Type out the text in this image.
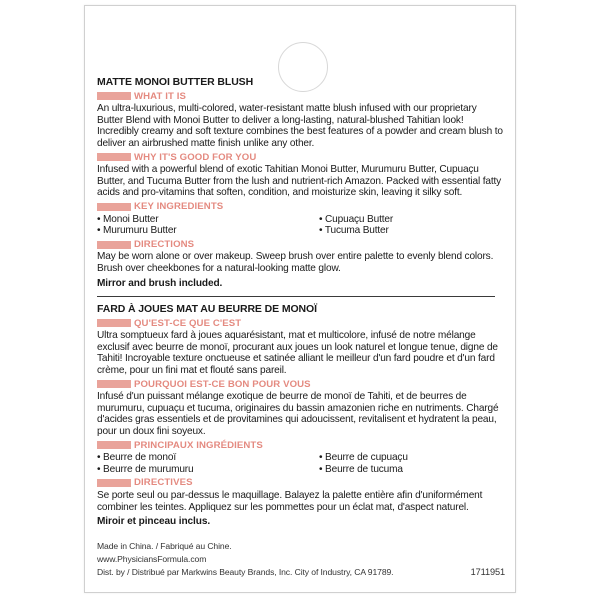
MATTE MONOI BUTTER BLUSH
WHAT IT IS

An ultra-luxurious, multi-colored, water-resistant matte blush infused with our proprietary Butter Blend with Monoi Butter to deliver a long-lasting, natural-blushed Tahitian look! Incredibly creamy and soft texture combines the best features of a powder and cream blush to deliver an airbrushed matte finish unlike any other.

WHY IT'S GOOD FOR YOU

Infused with a powerful blend of exotic Tahitian Monoi Butter, Murumuru Butter, Cupuaçu Butter, and Tucuma Butter from the lush and nutrient-rich Amazon. Packed with essential fatty acids and pro-vitamins that soften, condition, and moisturize skin, leaving it silky soft.

KEY INGREDIENTS
• Monoi Butter	• Cupuaçu Butter
• Murumuru Butter	• Tucuma Butter
DIRECTIONS

May be worn alone or over makeup. Sweep brush over entire palette to evenly blend colors. Brush over cheekbones for a natural-looking matte glow.

Mirror and brush included.

FARD À JOUES MAT AU BEURRE DE MONOÏ
QU'EST-CE QUE C'EST

Ultra somptueux fard à joues aquarésistant, mat et multicolore, infusé de notre mélange exclusif avec beurre de monoï, procurant aux joues un look naturel et longue tenue, digne de Tahiti! Incroyable texture onctueuse et satinée alliant le meilleur d'un fard poudre et d'un fard crème, pour un fini mat et flouté sans pareil.

POURQUOI EST-CE BON POUR VOUS

Infusé d'un puissant mélange exotique de beurre de monoï de Tahiti, et de beurres de murumuru, cupuaçu et tucuma, originaires du bassin amazonien riche en nutriments. Chargé d'acides gras essentiels et de provitamines qui adoucissent, revitalisent et hydratent la peau, pour un doux fini soyeux.

PRINCIPAUX INGRÉDIENTS
• Beurre de monoï	• Beurre de cupuaçu
• Beurre de murumuru	• Beurre de tucuma
DIRECTIVES

Se porte seul ou par-dessus le maquillage. Balayez la palette entière afin d'uniformément combiner les teintes. Appliquez sur les pommettes pour un éclat mat, d'aspect naturel.

Miroir et pinceau inclus.

Made in China. / Fabriqué au Chine.
www.PhysiciansFormula.com
Dist. by / Distribué par Markwins Beauty Brands, Inc. City of Industry, CA 91789.	1711951
